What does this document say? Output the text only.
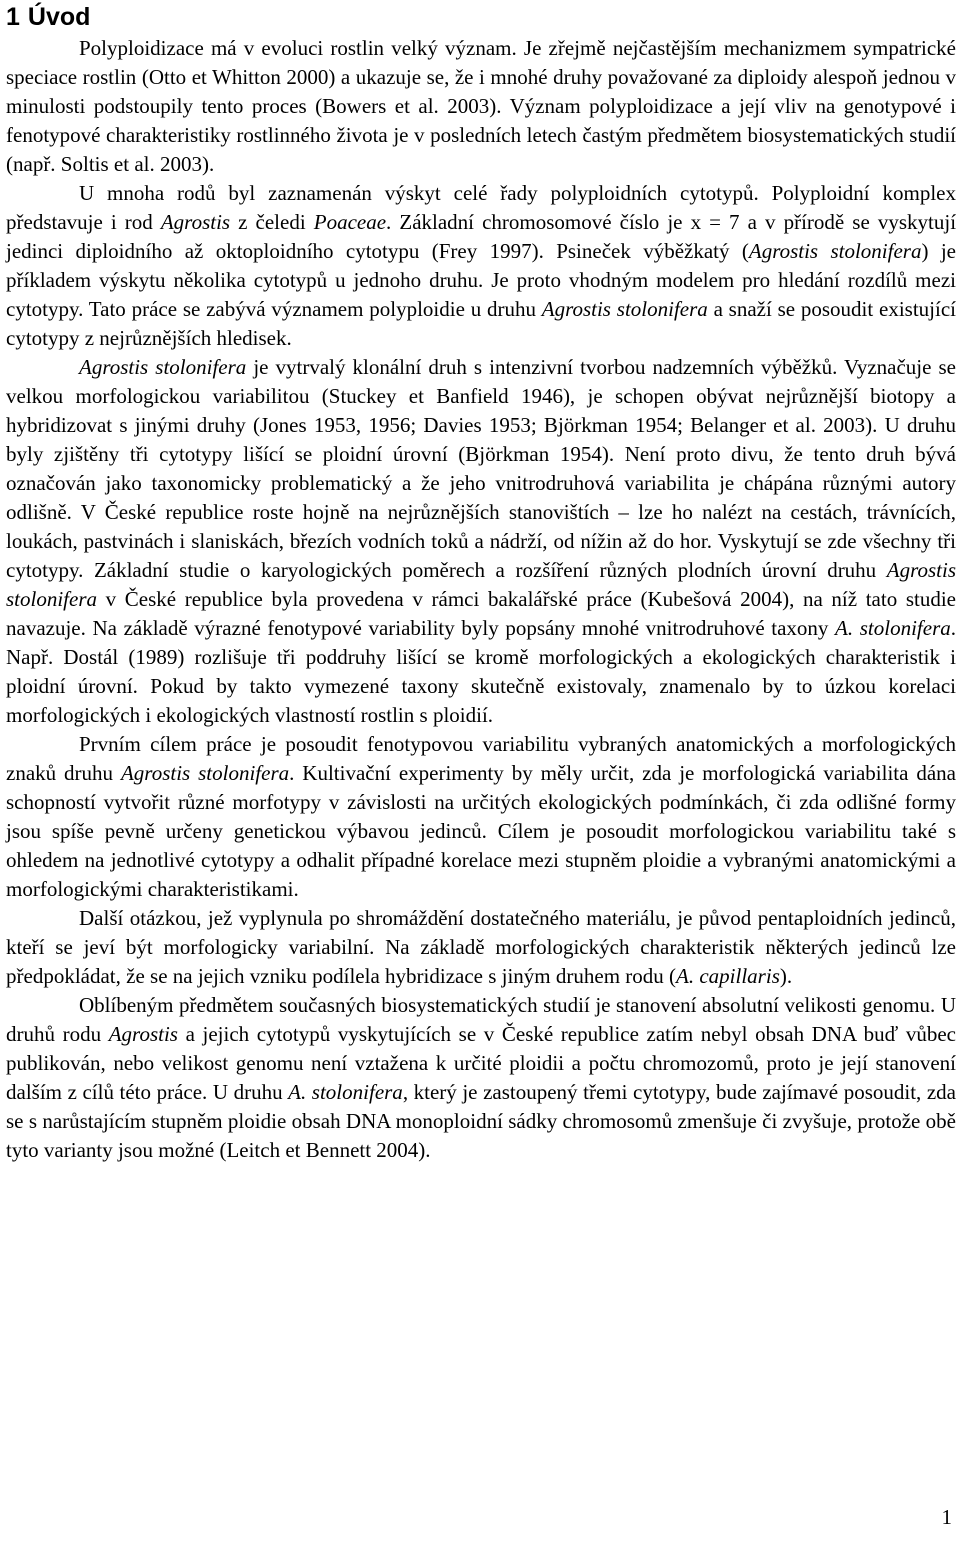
1 Úvod

Polyploidizace má v evoluci rostlin velký význam. Je zřejmě nejčastějším mechanizmem sympatrické speciace rostlin (Otto et Whitton 2000) a ukazuje se, že i mnohé druhy považované za diploidy alespoň jednou v minulosti podstoupily tento proces (Bowers et al. 2003). Význam polyploidizace a její vliv na genotypové i fenotypové charakteristiky rostlinného života je v posledních letech častým předmětem biosystematických studií (např. Soltis et al. 2003).

U mnoha rodů byl zaznamenán výskyt celé řady polyploidních cytotypů. Polyploidní komplex představuje i rod Agrostis z čeledi Poaceae. Základní chromosomové číslo je x = 7 a v přírodě se vyskytují jedinci diploidního až oktoploidního cytotypu (Frey 1997). Psineček výběžkatý (Agrostis stolonifera) je příkladem výskytu několika cytotypů u jednoho druhu. Je proto vhodným modelem pro hledání rozdílů mezi cytotypy. Tato práce se zabývá významem polyploidie u druhu Agrostis stolonifera a snaží se posoudit existující cytotypy z nejrůznějších hledisek.

Agrostis stolonifera je vytrvalý klonální druh s intenzivní tvorbou nadzemních výběžků. Vyznačuje se velkou morfologickou variabilitou (Stuckey et Banfield 1946), je schopen obývat nejrůznější biotopy a hybridizovat s jinými druhy (Jones 1953, 1956; Davies 1953; Björkman 1954; Belanger et al. 2003). U druhu byly zjištěny tři cytotypy lišící se ploidní úrovní (Björkman 1954). Není proto divu, že tento druh bývá označován jako taxonomicky problematický a že jeho vnitrodruhová variabilita je chápána různými autory odlišně. V České republice roste hojně na nejrůznějších stanovištích – lze ho nalézt na cestách, trávnících, loukách, pastvinách i slaniskách, březích vodních toků a nádrží, od nížin až do hor. Vyskytují se zde všechny tři cytotypy. Základní studie o karyologických poměrech a rozšíření různých plodních úrovní druhu Agrostis stolonifera v České republice byla provedena v rámci bakalářské práce (Kubešová 2004), na níž tato studie navazuje. Na základě výrazné fenotypové variability byly popsány mnohé vnitrodruhové taxony A. stolonifera. Např. Dostál (1989) rozlišuje tři poddruhy lišící se kromě morfologických a ekologických charakteristik i ploidní úrovní. Pokud by takto vymezené taxony skutečně existovaly, znamenalo by to úzkou korelaci morfologických i ekologických vlastností rostlin s ploidií.

Prvním cílem práce je posoudit fenotypovou variabilitu vybraných anatomických a morfologických znaků druhu Agrostis stolonifera. Kultivační experimenty by měly určit, zda je morfologická variabilita dána schopností vytvořit různé morfotypy v závislosti na určitých ekologických podmínkách, či zda odlišné formy jsou spíše pevně určeny genetickou výbavou jedinců. Cílem je posoudit morfologickou variabilitu také s ohledem na jednotlivé cytotypy a odhalit případné korelace mezi stupněm ploidie a vybranými anatomickými a morfologickými charakteristikami.

Další otázkou, jež vyplynula po shromáždění dostatečného materiálu, je původ pentaploidních jedinců, kteří se jeví být morfologicky variabilní. Na základě morfologických charakteristik některých jedinců lze předpokládat, že se na jejich vzniku podílela hybridizace s jiným druhem rodu (A. capillaris).

Oblíbeným předmětem současných biosystematických studií je stanovení absolutní velikosti genomu. U druhů rodu Agrostis a jejich cytotypů vyskytujících se v České republice zatím nebyl obsah DNA buď vůbec publikován, nebo velikost genomu není vztažena k určité ploidii a počtu chromozomů, proto je její stanovení dalším z cílů této práce. U druhu A. stolonifera, který je zastoupený třemi cytotypy, bude zajímavé posoudit, zda se s narůstajícím stupněm ploidie obsah DNA monoploidní sádky chromosomů zmenšuje či zvyšuje, protože obě tyto varianty jsou možné (Leitch et Bennett 2004).

1
